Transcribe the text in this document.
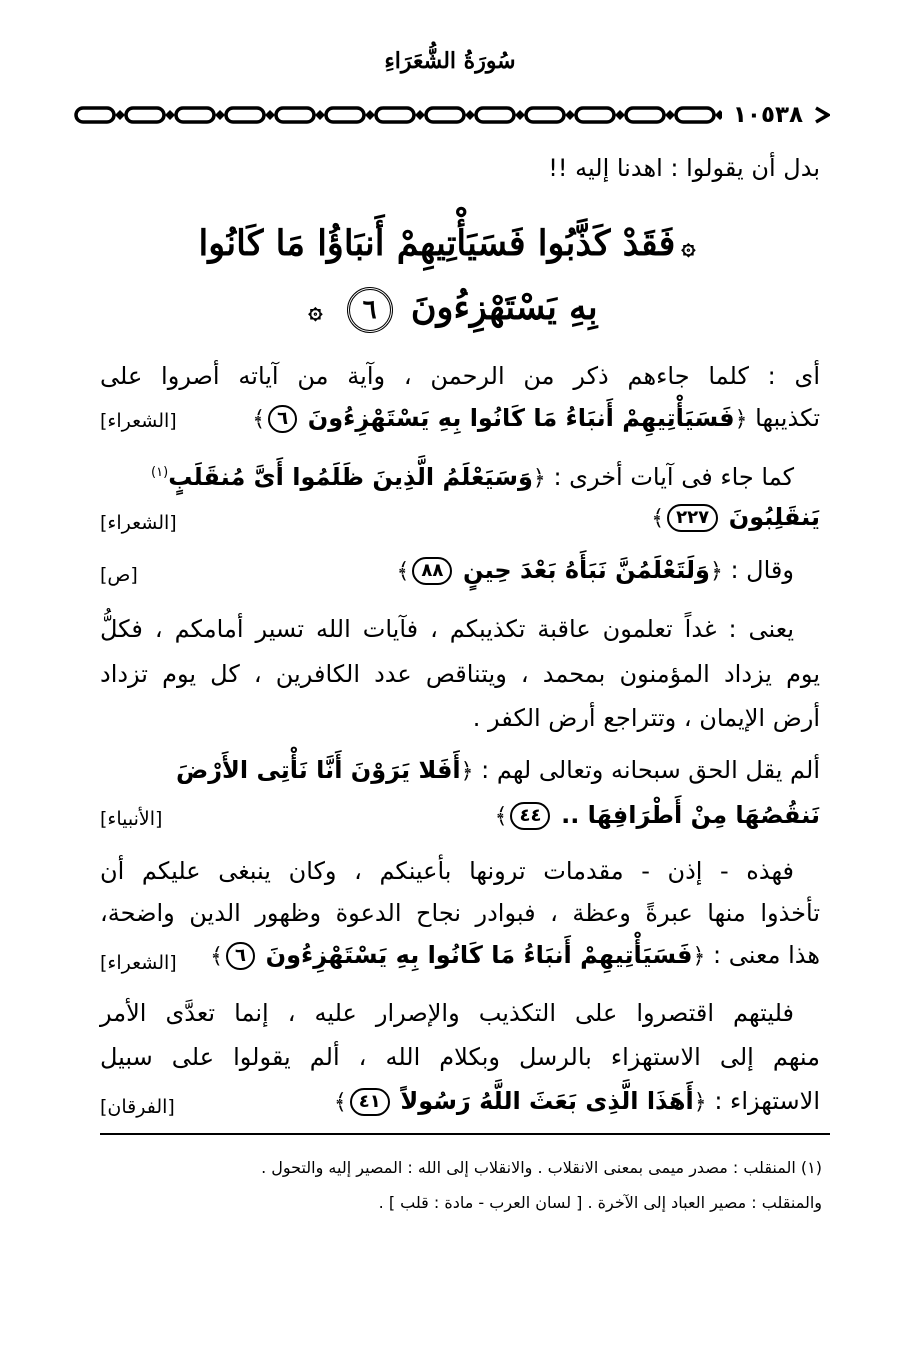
سُورَةُ الشُّعَرَاءِ
١٠٥٣٨
بدل أن يقولوا : اهدنا إليه !!
۞فَقَدْ كَذَّبُوا فَسَيَأْتِيهِمْ أَنبَاؤُا مَا كَانُوا
بِهِ يَسْتَهْزِءُونَ ٦ ۞
أى : كلما جاءهم ذكر من الرحمن ، وآية من آياته أصروا على
تكذيبها ﴿فَسَيَأْتِيهِمْ أَنبَاءُ مَا كَانُوا بِهِ يَسْتَهْزِءُونَ ٦﴾
[الشعراء]
كما جاء فى آيات أخرى : ﴿وَسَيَعْلَمُ الَّذِينَ ظَلَمُوا أَىَّ مُنقَلَبٍ$^{(١)}$
يَنقَلِبُونَ ٢٢٧﴾
[الشعراء]
وقال : ﴿وَلَتَعْلَمُنَّ نَبَأَهُ بَعْدَ حِينٍ ٨٨﴾
[ص]
يعنى : غداً تعلمون عاقبة تكذيبكم ، فآيات الله تسير أمامكم ، فكلُّ
يوم يزداد المؤمنون بمحمد ، ويتناقص عدد الكافرين ، كل يوم تزداد
أرض الإيمان ، وتتراجع أرض الكفر .
ألم يقل الحق سبحانه وتعالى لهم : ﴿أَفَلا يَرَوْنَ أَنَّا نَأْتِى الأَرْضَ
نَنقُصُهَا مِنْ أَطْرَافِهَا .. ٤٤﴾
[الأنبياء]
فهذه - إذن - مقدمات ترونها بأعينكم ، وكان ينبغى عليكم أن
تأخذوا منها عبرةً وعظة ، فبوادر نجاح الدعوة وظهور الدين واضحة،
هذا معنى : ﴿فَسَيَأْتِيهِمْ أَنبَاءُ مَا كَانُوا بِهِ يَسْتَهْزِءُونَ ٦﴾
[الشعراء]
فليتهم اقتصروا على التكذيب والإصرار عليه ، إنما تعدَّى الأمر
منهم إلى الاستهزاء بالرسل وبكلام الله ، ألم يقولوا على سبيل
الاستهزاء : ﴿أَهَذَا الَّذِى بَعَثَ اللَّهُ رَسُولاً ٤١﴾
[الفرقان]
(١) المنقلب : مصدر ميمى بمعنى الانقلاب . والانقلاب إلى الله : المصير إليه والتحول .
والمنقلب : مصير العباد إلى الآخرة . [ لسان العرب - مادة : قلب ] .
